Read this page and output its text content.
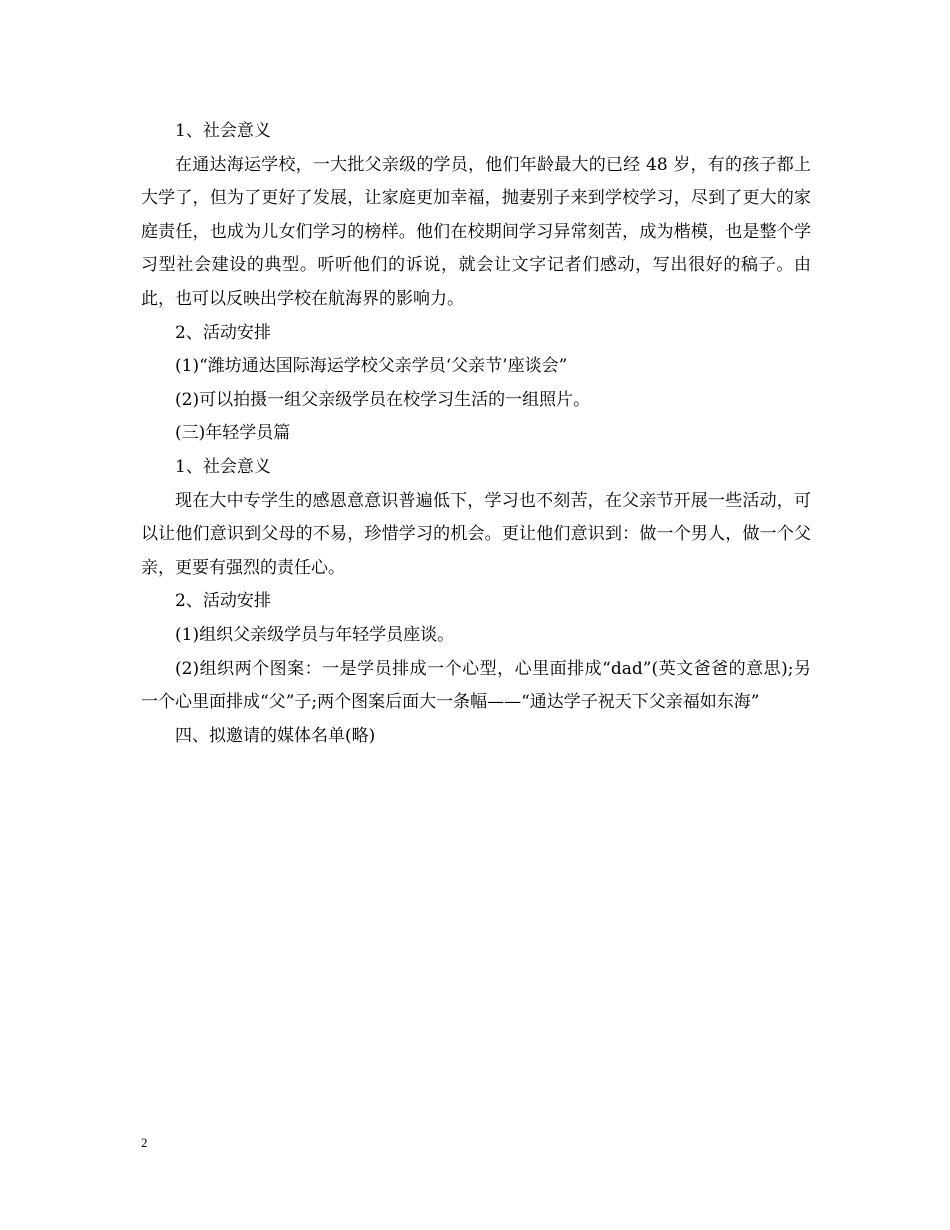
1、社会意义

在通达海运学校，一大批父亲级的学员，他们年龄最大的已经 48 岁，有的孩子都上大学了，但为了更好了发展，让家庭更加幸福，抛妻别子来到学校学习，尽到了更大的家庭责任，也成为儿女们学习的榜样。他们在校期间学习异常刻苦，成为楷模，也是整个学习型社会建设的典型。听听他们的诉说，就会让文字记者们感动，写出很好的稿子。由此，也可以反映出学校在航海界的影响力。

2、活动安排

(1)“潍坊通达国际海运学校父亲学员‘父亲节’座谈会”

(2)可以拍摄一组父亲级学员在校学习生活的一组照片。

(三)年轻学员篇

1、社会意义

现在大中专学生的感恩意意识普遍低下，学习也不刻苦，在父亲节开展一些活动，可以让他们意识到父母的不易，珍惜学习的机会。更让他们意识到：做一个男人，做一个父亲，更要有强烈的责任心。

2、活动安排

(1)组织父亲级学员与年轻学员座谈。

(2)组织两个图案：一是学员排成一个心型，心里面排成“dad”(英文爸爸的意思);另一个心里面排成“父”子;两个图案后面大一条幅——“通达学子祝天下父亲福如东海”

四、拟邀请的媒体名单(略)

2
